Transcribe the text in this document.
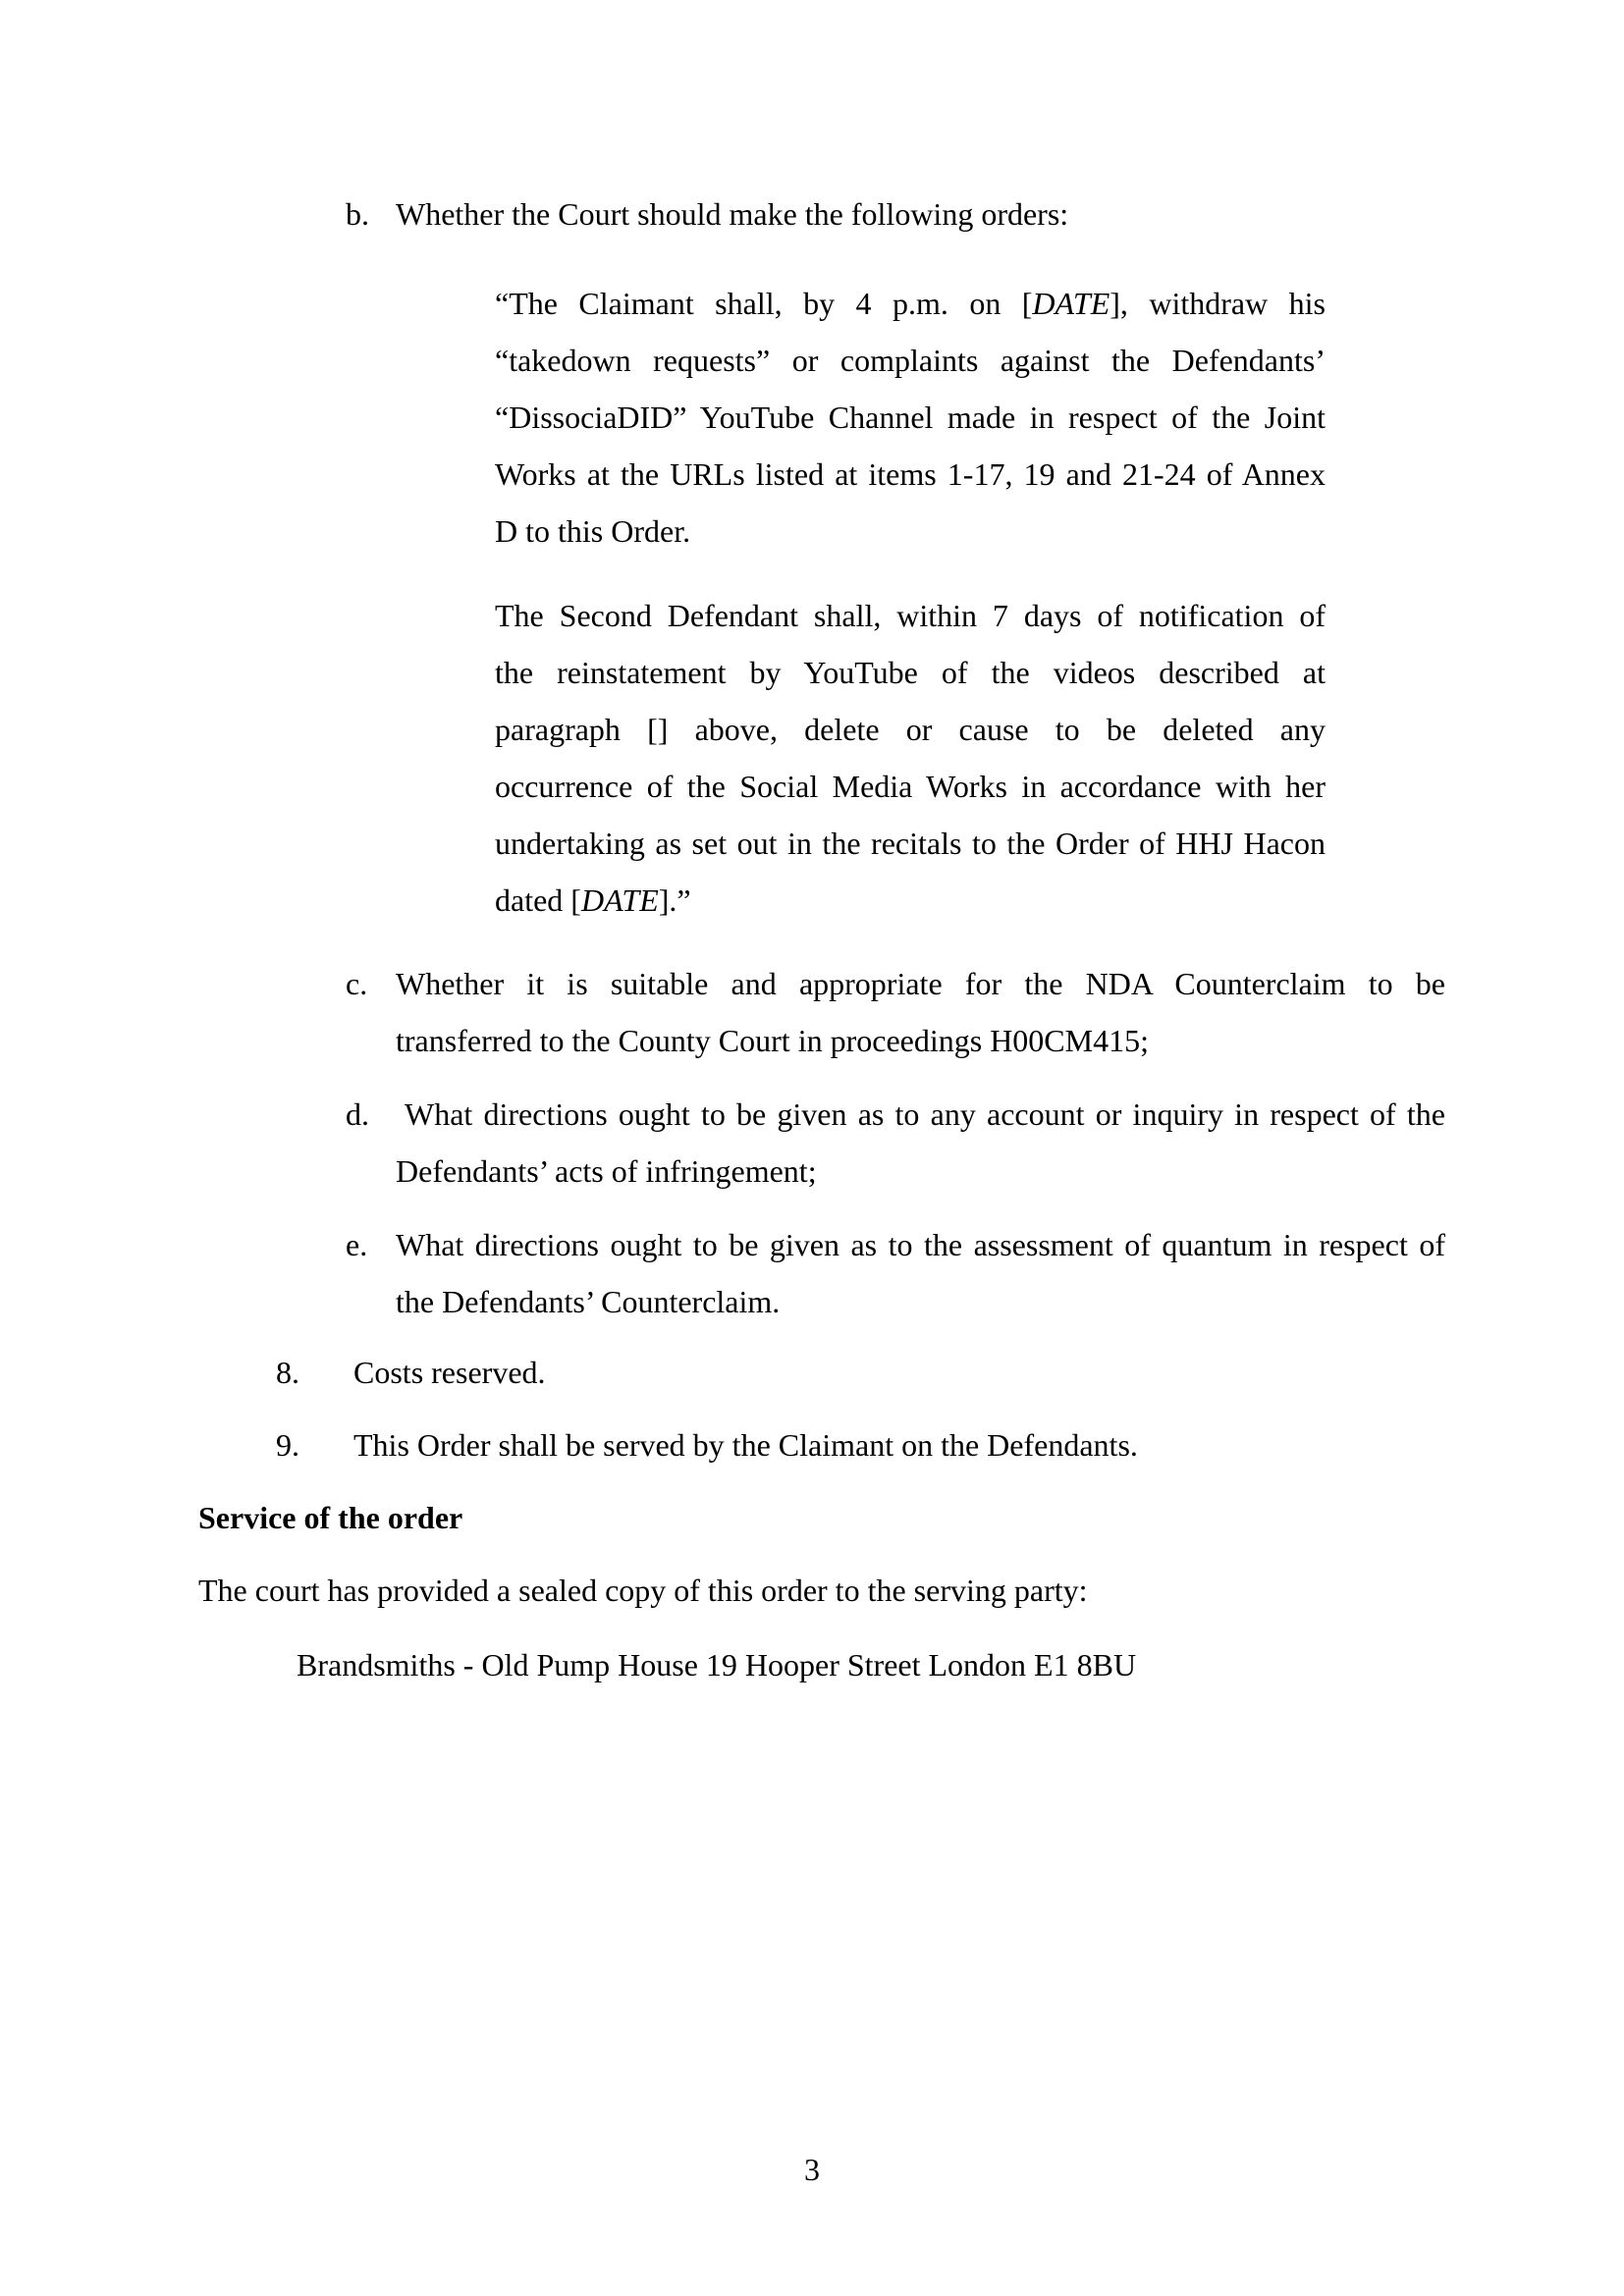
b. Whether the Court should make the following orders:
“The Claimant shall, by 4 p.m. on [DATE], withdraw his
“takedown requests” or complaints against the Defendants’
“DissociaDID” YouTube Channel made in respect of the Joint
Works at the URLs listed at items 1-17, 19 and 21-24 of Annex
D to this Order.
The Second Defendant shall, within 7 days of notification of
the reinstatement by YouTube of the videos described at
paragraph [] above, delete or cause to be deleted any
occurrence of the Social Media Works in accordance with her
undertaking as set out in the recitals to the Order of HHJ Hacon
dated [DATE].”
c. Whether it is suitable and appropriate for the NDA Counterclaim to be
transferred to the County Court in proceedings H00CM415;
d. What directions ought to be given as to any account or inquiry in respect of the
Defendants’ acts of infringement;
e. What directions ought to be given as to the assessment of quantum in respect of
the Defendants’ Counterclaim.
8. Costs reserved.
9. This Order shall be served by the Claimant on the Defendants.
Service of the order
The court has provided a sealed copy of this order to the serving party:
Brandsmiths - Old Pump House 19 Hooper Street London E1 8BU
3
